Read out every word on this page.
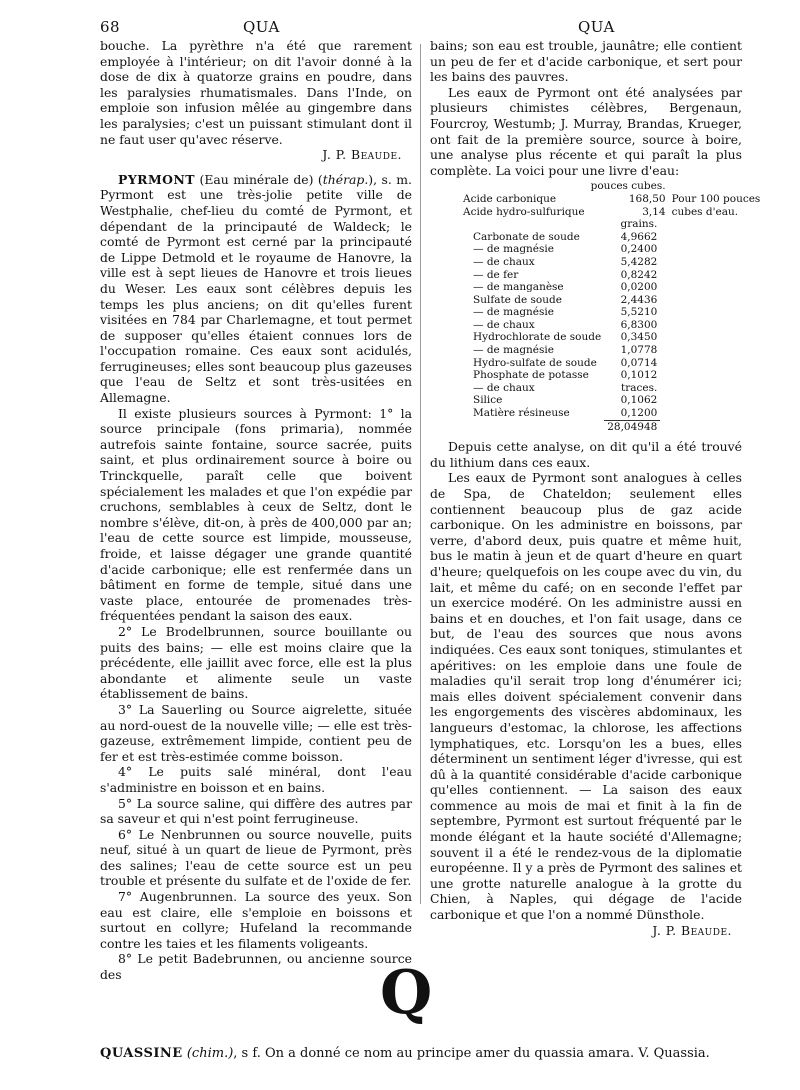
68	QUA	QUA

bouche. La pyrèthre n'a été que rarement employée à l'intérieur; on dit l'avoir donné à la dose de dix à quatorze grains en poudre, dans les paralysies rhumatismales. Dans l'Inde, on emploie son infusion mêlée au gingembre dans les paralysies; c'est un puissant stimulant dont il ne faut user qu'avec réserve.

J. P. Beaude.

PYRMONT (Eau minérale de) (thérap.), s. m. Pyrmont est une très-jolie petite ville de Westphalie, chef-lieu du comté de Pyrmont, et dépendant de la principauté de Waldeck; le comté de Pyrmont est cerné par la principauté de Lippe Detmold et le royaume de Hanovre, la ville est à sept lieues de Hanovre et trois lieues du Weser. Les eaux sont célèbres depuis les temps les plus anciens; on dit qu'elles furent visitées en 784 par Charlemagne, et tout permet de supposer qu'elles étaient connues lors de l'occupation romaine. Ces eaux sont acidulés, ferrugineuses; elles sont beaucoup plus gazeuses que l'eau de Seltz et sont très-usitées en Allemagne.

Il existe plusieurs sources à Pyrmont: 1° la source principale (fons primaria), nommée autrefois sainte fontaine, source sacrée, puits saint, et plus ordinairement source à boire ou Trinckquelle, paraît celle que boivent spécialement les malades et que l'on expédie par cruchons, semblables à ceux de Seltz, dont le nombre s'élève, dit-on, à près de 400,000 par an; l'eau de cette source est limpide, mousseuse, froide, et laisse dégager une grande quantité d'acide carbonique; elle est renfermée dans un bâtiment en forme de temple, situé dans une vaste place, entourée de promenades très-fréquentées pendant la saison des eaux.

2° Le Brodelbrunnen, source bouillante ou puits des bains; — elle est moins claire que la précédente, elle jaillit avec force, elle est la plus abondante et alimente seule un vaste établissement de bains.

3° La Sauerling ou Source aigrelette, située au nord-ouest de la nouvelle ville; — elle est très-gazeuse, extrêmement limpide, contient peu de fer et est très-estimée comme boisson.

4° Le puits salé minéral, dont l'eau s'administre en boisson et en bains.

5° La source saline, qui diffère des autres par sa saveur et qui n'est point ferrugineuse.

6° Le Nenbrunnen ou source nouvelle, puits neuf, situé à un quart de lieue de Pyrmont, près des salines; l'eau de cette source est un peu trouble et présente du sulfate et de l'oxide de fer.

7° Augenbrunnen. La source des yeux. Son eau est claire, elle s'emploie en boissons et surtout en collyre; Hufeland la recommande contre les taies et les filaments voligeants.

8° Le petit Badebrunnen, ou ancienne source des

bains; son eau est trouble, jaunâtre; elle contient un peu de fer et d'acide carbonique, et sert pour les bains des pauvres.

Les eaux de Pyrmont ont été analysées par plusieurs chimistes célèbres, Bergenaun, Fourcroy, Westumb; J. Murray, Brandas, Krueger, ont fait de la première source, source à boire, une analyse plus récente et qui paraît la plus complète. La voici pour une livre d'eau:

	pouces cubes.	
Acide carbonique	168,50	Pour 100 pouces
Acide hydro-sulfurique	3,14	cubes d'eau.
	grains.
Carbonate de soude	4,9662
— de magnésie	0,2400
— de chaux	5,4282
— de fer	0,8242
— de manganèse	0,0200
Sulfate de soude	2,4436
— de magnésie	5,5210
— de chaux	6,8300
Hydrochlorate de soude	0,3450
— de magnésie	1,0778
Hydro-sulfate de soude	0,0714
Phosphate de potasse	0,1012
— de chaux	traces.
Silice	0,1062
Matière résineuse	0,1200
	28,04948

Depuis cette analyse, on dit qu'il a été trouvé du lithium dans ces eaux.

Les eaux de Pyrmont sont analogues à celles de Spa, de Chateldon; seulement elles contiennent beaucoup plus de gaz acide carbonique. On les administre en boissons, par verre, d'abord deux, puis quatre et même huit, bus le matin à jeun et de quart d'heure en quart d'heure; quelquefois on les coupe avec du vin, du lait, et même du café; on en seconde l'effet par un exercice modéré. On les administre aussi en bains et en douches, et l'on fait usage, dans ce but, de l'eau des sources que nous avons indiquées. Ces eaux sont toniques, stimulantes et apéritives: on les emploie dans une foule de maladies qu'il serait trop long d'énumérer ici; mais elles doivent spécialement convenir dans les engorgements des viscères abdominaux, les langueurs d'estomac, la chlorose, les affections lymphatiques, etc. Lorsqu'on les a bues, elles déterminent un sentiment léger d'ivresse, qui est dû à la quantité considérable d'acide carbonique qu'elles contiennent. — La saison des eaux commence au mois de mai et finit à la fin de septembre, Pyrmont est surtout fréquenté par le monde élégant et la haute société d'Allemagne; souvent il a été le rendez-vous de la diplomatie européenne. Il y a près de Pyrmont des salines et une grotte naturelle analogue à la grotte du Chien, à Naples, qui dégage de l'acide carbonique et que l'on a nommé Dünsthole.

J. P. Beaude.

Q
QUASSINE (chim.), s f. On a donné ce nom au principe amer du quassia amara. V. Quassia.
